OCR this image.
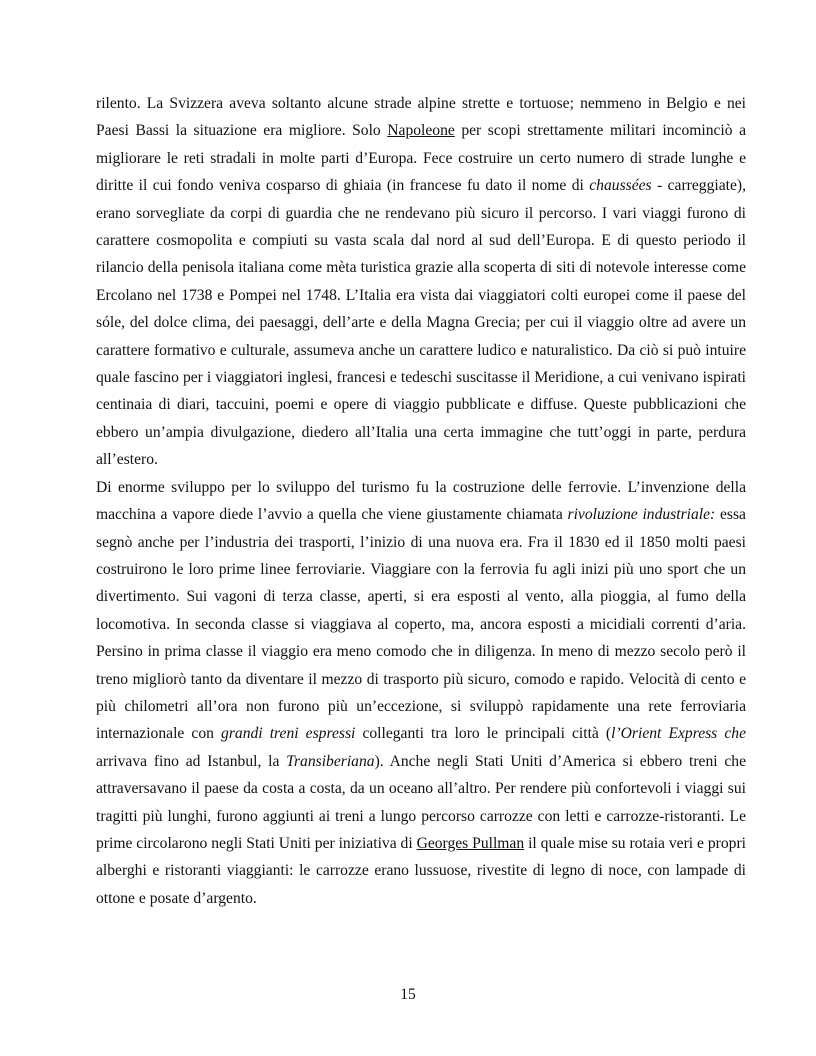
rilento. La Svizzera aveva soltanto alcune strade alpine strette e tortuose; nemmeno in Belgio e nei Paesi Bassi la situazione era migliore. Solo Napoleone per scopi strettamente militari incominciò a migliorare le reti stradali in molte parti d’Europa. Fece costruire un certo numero di strade lunghe e diritte il cui fondo veniva cosparso di ghiaia (in francese fu dato il nome di chaussées - carreggiate), erano sorvegliate da corpi di guardia che ne rendevano più sicuro il percorso. I vari viaggi furono di carattere cosmopolita e compiuti su vasta scala dal nord al sud dell’Europa. E di questo periodo il rilancio della penisola italiana come mèta turistica grazie alla scoperta di siti di notevole interesse come Ercolano nel 1738 e Pompei nel 1748. L’Italia era vista dai viaggiatori colti europei come il paese del sóle, del dolce clima, dei paesaggi, dell’arte e della Magna Grecia; per cui il viaggio oltre ad avere un carattere formativo e culturale, assumeva anche un carattere ludico e naturalistico. Da ciò si può intuire quale fascino per i viaggiatori inglesi, francesi e tedeschi suscitasse il Meridione, a cui venivano ispirati centinaia di diari, taccuini, poemi e opere di viaggio pubblicate e diffuse. Queste pubblicazioni che ebbero un’ampia divulgazione, diedero all’Italia una certa immagine che tutt’oggi in parte, perdura all’estero.

Di enorme sviluppo per lo sviluppo del turismo fu la costruzione delle ferrovie. L’invenzione della macchina a vapore diede l’avvio a quella che viene giustamente chiamata rivoluzione industriale: essa segnò anche per l’industria dei trasporti, l’inizio di una nuova era. Fra il 1830 ed il 1850 molti paesi costruirono le loro prime linee ferroviarie. Viaggiare con la ferrovia fu agli inizi più uno sport che un divertimento. Sui vagoni di terza classe, aperti, si era esposti al vento, alla pioggia, al fumo della locomotiva. In seconda classe si viaggiava al coperto, ma, ancora esposti a micidiali correnti d’aria. Persino in prima classe il viaggio era meno comodo che in diligenza. In meno di mezzo secolo però il treno migliorò tanto da diventare il mezzo di trasporto più sicuro, comodo e rapido. Velocità di cento e più chilometri all’ora non furono più un’eccezione, si sviluppò rapidamente una rete ferroviaria internazionale con grandi treni espressi colleganti tra loro le principali città (l’Orient Express che arrivava fino ad Istanbul, la Transiberiana). Anche negli Stati Uniti d’America si ebbero treni che attraversavano il paese da costa a costa, da un oceano all’altro. Per rendere più confortevoli i viaggi sui tragitti più lunghi, furono aggiunti ai treni a lungo percorso carrozze con letti e carrozze-ristoranti. Le prime circolarono negli Stati Uniti per iniziativa di Georges Pullman il quale mise su rotaia veri e propri alberghi e ristoranti viaggianti: le carrozze erano lussuose, rivestite di legno di noce, con lampade di ottone e posate d’argento.

15
